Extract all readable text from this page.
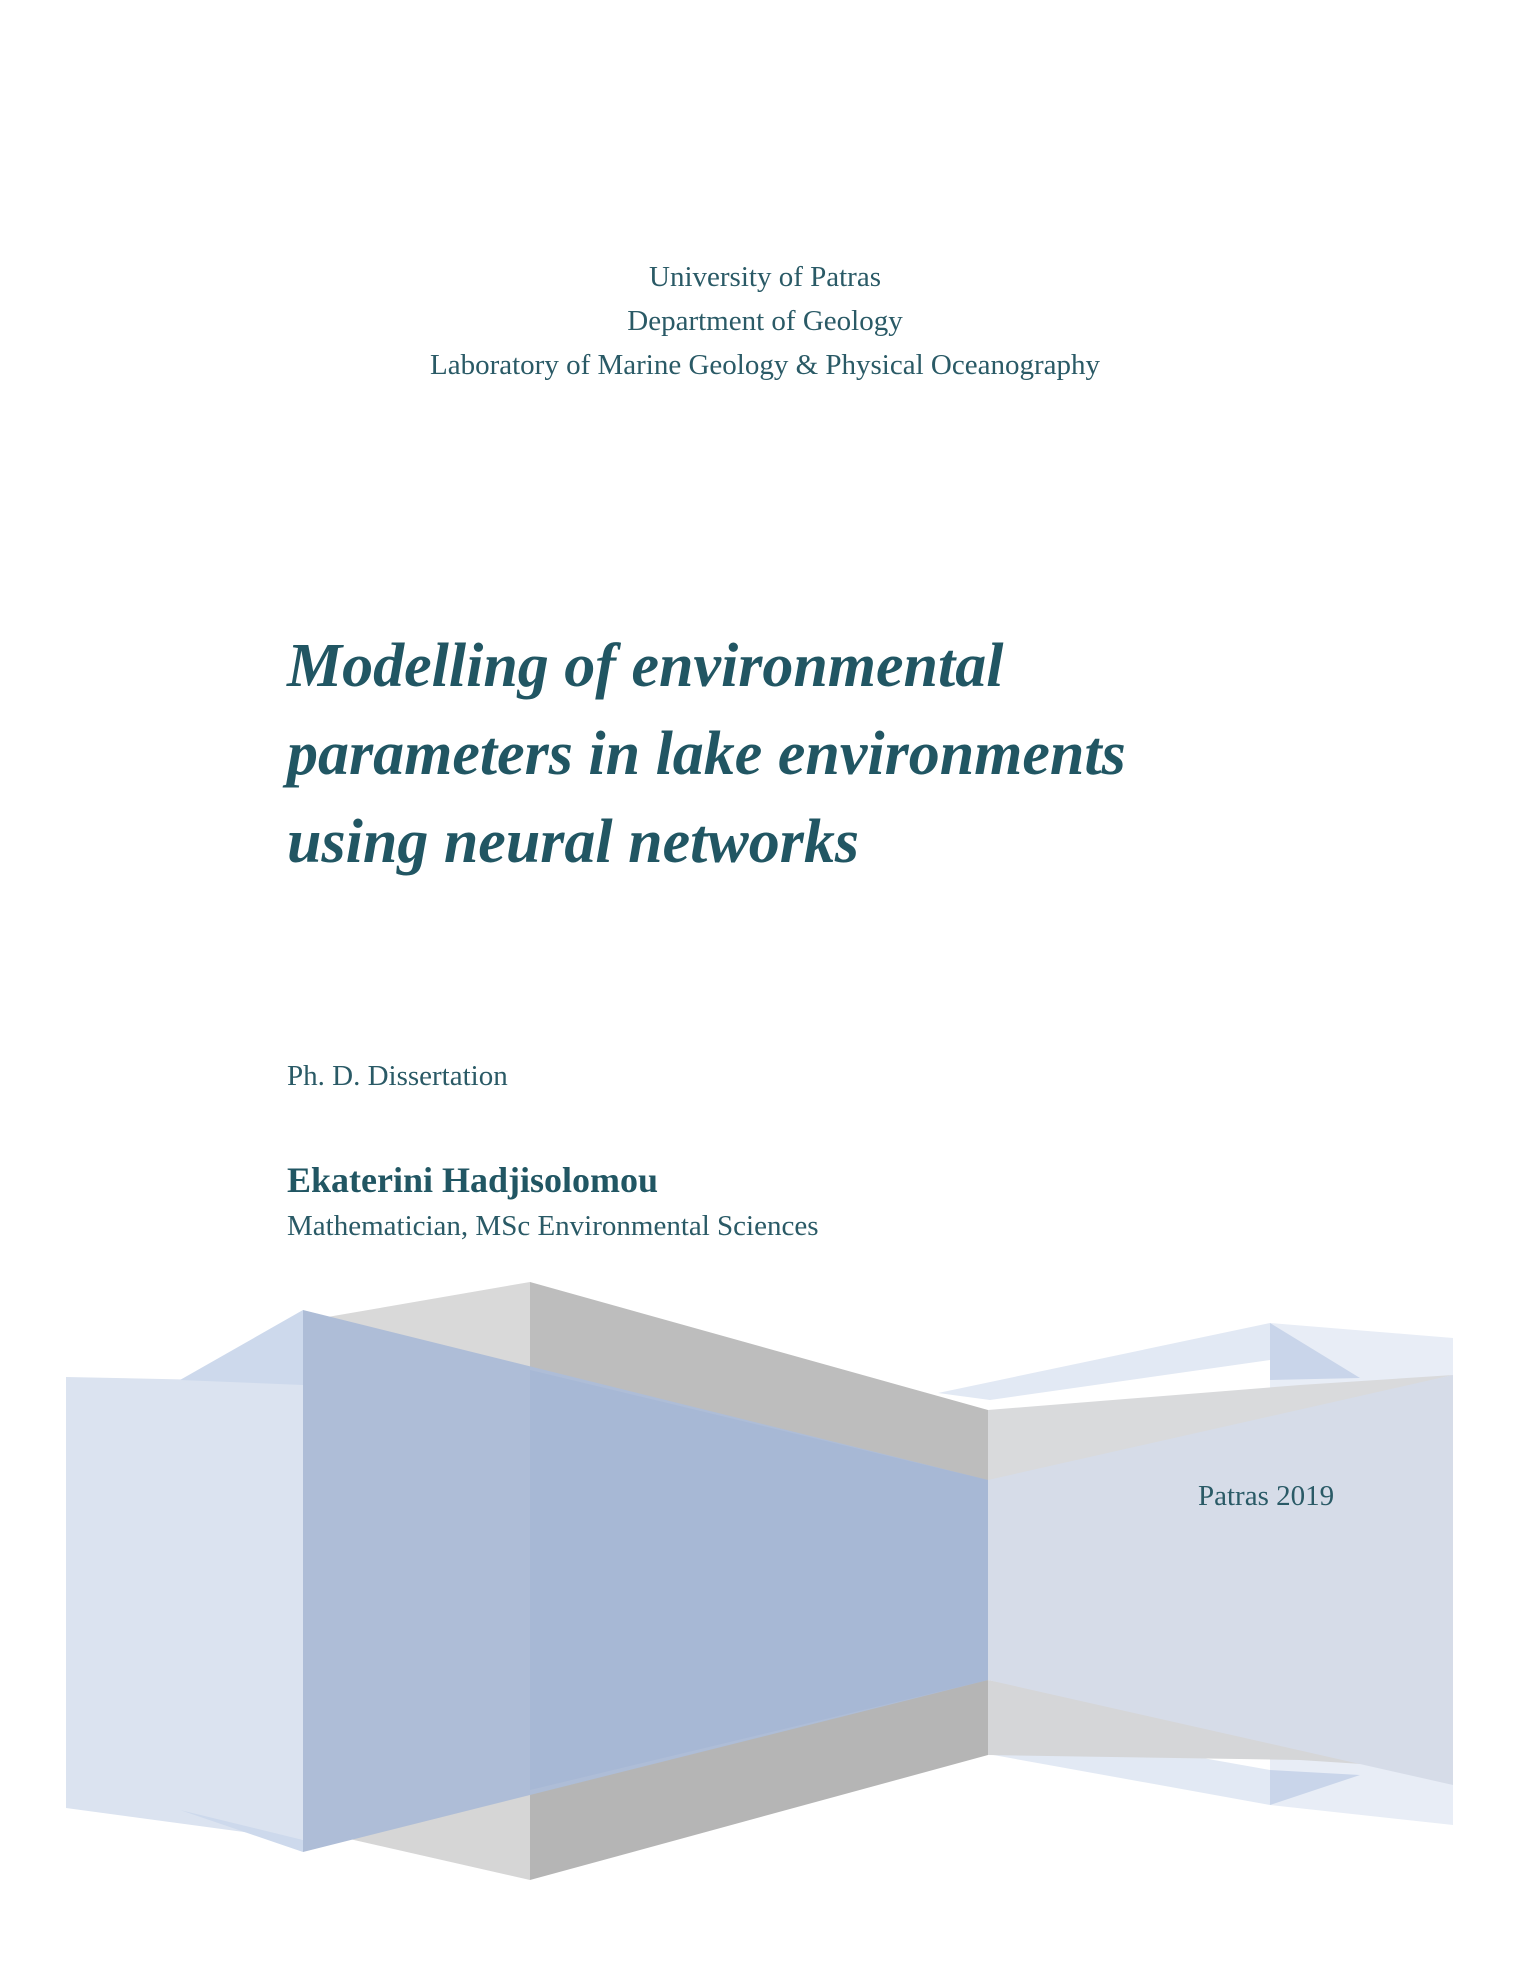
University of Patras
Department of Geology
Laboratory of Marine Geology & Physical Oceanography
Modelling of environmental
parameters in lake environments
using neural networks
Ph. D. Dissertation
Ekaterini Hadjisolomou
Mathematician, MSc Environmental Sciences
Patras 2019
